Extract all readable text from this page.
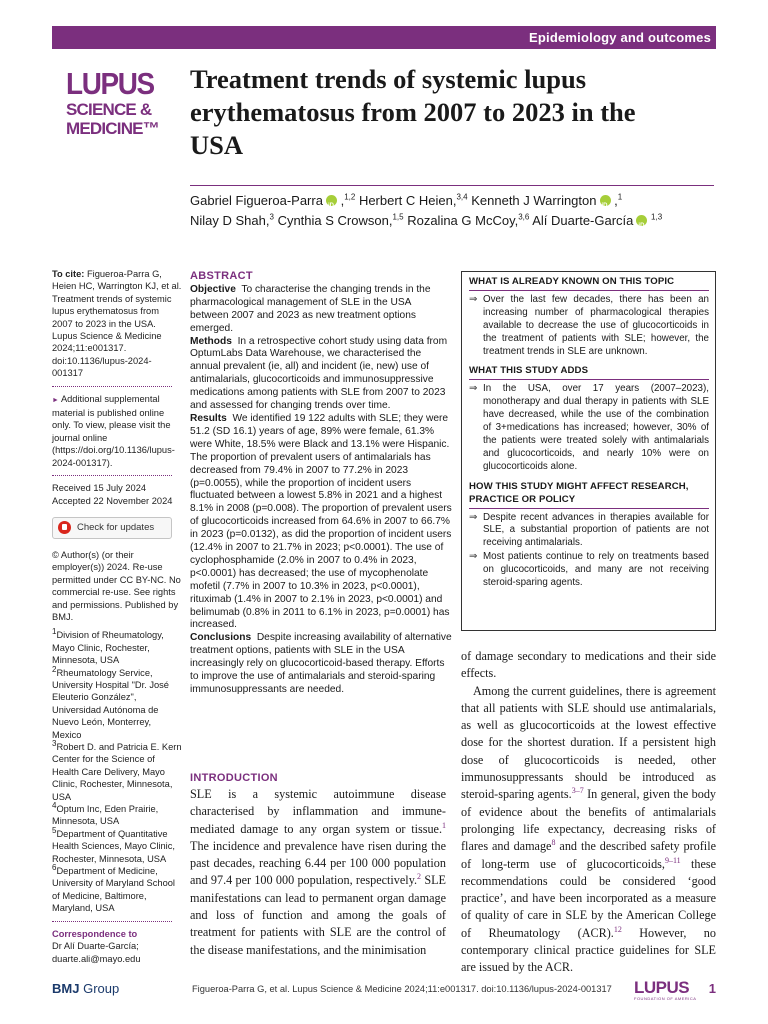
Epidemiology and outcomes
LUPUS
SCIENCE &
MEDICINE™
Treatment trends of systemic lupus erythematosus from 2007 to 2023 in the USA
Gabriel Figueroa-ParraiD ,$^{1,2}$ Herbert C Heien,$^{3,4}$ Kenneth J WarringtoniD ,$^1$
Nilay D Shah,$^3$ Cynthia S Crowson,$^{1,5}$ Rozalina G McCoy,$^{3,6}$ Alí Duarte-GarcíaiD $^{1,3}$

To cite: Figueroa-Parra G, Heien HC, Warrington KJ, et al. Treatment trends of systemic lupus erythematosus from 2007 to 2023 in the USA. Lupus Science & Medicine 2024;11:e001317. doi:10.1136/lupus-2024-001317

► Additional supplemental material is published online only. To view, please visit the journal online (https://doi.org/10.1136/lupus-2024-001317).

Received 15 July 2024

Accepted 22 November 2024

Check for updates

© Author(s) (or their employer(s)) 2024. Re-use permitted under CC BY-NC. No commercial re-use. See rights and permissions. Published by BMJ.

$^1$Division of Rheumatology, Mayo Clinic, Rochester, Minnesota, USA

$^2$Rheumatology Service, University Hospital "Dr. José Eleuterio González", Universidad Autónoma de Nuevo León, Monterrey, Mexico

$^3$Robert D. and Patricia E. Kern Center for the Science of Health Care Delivery, Mayo Clinic, Rochester, Minnesota, USA

$^4$Optum Inc, Eden Prairie, Minnesota, USA

$^5$Department of Quantitative Health Sciences, Mayo Clinic, Rochester, Minnesota, USA

$^6$Department of Medicine, University of Maryland School of Medicine, Baltimore, Maryland, USA

Correspondence to

Dr Alí Duarte-García; duarte.ali@mayo.edu

ABSTRACT

Objective To characterise the changing trends in the pharmacological management of SLE in the USA between 2007 and 2023 as new treatment options emerged.

Methods In a retrospective cohort study using data from OptumLabs Data Warehouse, we characterised the annual prevalent (ie, all) and incident (ie, new) use of antimalarials, glucocorticoids and immunosuppressive medications among patients with SLE from 2007 to 2023 and assessed for changing trends over time.

Results We identified 19 122 adults with SLE; they were 51.2 (SD 16.1) years of age, 89% were female, 61.3% were White, 18.5% were Black and 13.1% were Hispanic. The proportion of prevalent users of antimalarials has decreased from 79.4% in 2007 to 77.2% in 2023 (p=0.0055), while the proportion of incident users fluctuated between a lowest 5.8% in 2021 and a highest 8.1% in 2008 (p=0.008). The proportion of prevalent users of glucocorticoids increased from 64.6% in 2007 to 66.7% in 2023 (p=0.0132), as did the proportion of incident users (12.4% in 2007 to 21.7% in 2023; p<0.0001). The use of cyclophosphamide (2.0% in 2007 to 0.4% in 2023, p<0.0001) has decreased; the use of mycophenolate mofetil (7.7% in 2007 to 10.3% in 2023, p<0.0001), rituximab (1.4% in 2007 to 2.1% in 2023, p<0.0001) and belimumab (0.8% in 2011 to 6.1% in 2023, p=0.0001) has increased.

Conclusions Despite increasing availability of alternative treatment options, patients with SLE in the USA increasingly rely on glucocorticoid-based therapy. Efforts to improve the use of antimalarials and steroid-sparing immunosuppressants are needed.

WHAT IS ALREADY KNOWN ON THIS TOPIC
⇒ Over the last few decades, there has been an increasing number of pharmacological therapies available to decrease the use of glucocorticoids in the treatment of patients with SLE; however, the treatment trends in SLE are unknown.
WHAT THIS STUDY ADDS
⇒ In the USA, over 17 years (2007–2023), monotherapy and dual therapy in patients with SLE have decreased, while the use of the combination of 3+medications has increased; however, 30% of the patients were treated solely with antimalarials and glucocorticoids, and nearly 10% were on glucocorticoids alone.
HOW THIS STUDY MIGHT AFFECT RESEARCH, PRACTICE OR POLICY
⇒ Despite recent advances in therapies available for SLE, a substantial proportion of patients are not receiving antimalarials.
⇒ Most patients continue to rely on treatments based on glucocorticoids, and many are not receiving steroid-sparing agents.
INTRODUCTION

SLE is a systemic autoimmune disease characterised by inflammation and immune-mediated damage to any organ system or tissue.$^1$ The incidence and prevalence have risen during the past decades, reaching 6.44 per 100 000 population and 97.4 per 100 000 population, respectively.$^2$ SLE manifestations can lead to permanent organ damage and loss of function and among the goals of treatment for patients with SLE are the control of the disease manifestations, and the minimisation

of damage secondary to medications and their side effects.

Among the current guidelines, there is agreement that all patients with SLE should use antimalarials, as well as glucocorticoids at the lowest effective dose for the shortest duration. If a persistent high dose of glucocorticoids is needed, other immunosuppressants should be introduced as steroid-sparing agents.$^{3-7}$ In general, given the body of evidence about the benefits of antimalarials prolonging life expectancy, decreasing risks of flares and damage$^8$ and the described safety profile of long-term use of glucocorticoids,$^{9-11}$ these recommendations could be considered ‘good practice’, and have been incorporated as a measure of quality of care in SLE by the American College of Rheumatology (ACR).$^{12}$ However, no contemporary clinical practice guidelines for SLE are issued by the ACR.

BMJ Group	Figueroa-Parra G, et al. Lupus Science & Medicine 2024;11:e001317. doi:10.1136/lupus-2024-001317 LUPUS
FOUNDATION OF AMERICA
1
